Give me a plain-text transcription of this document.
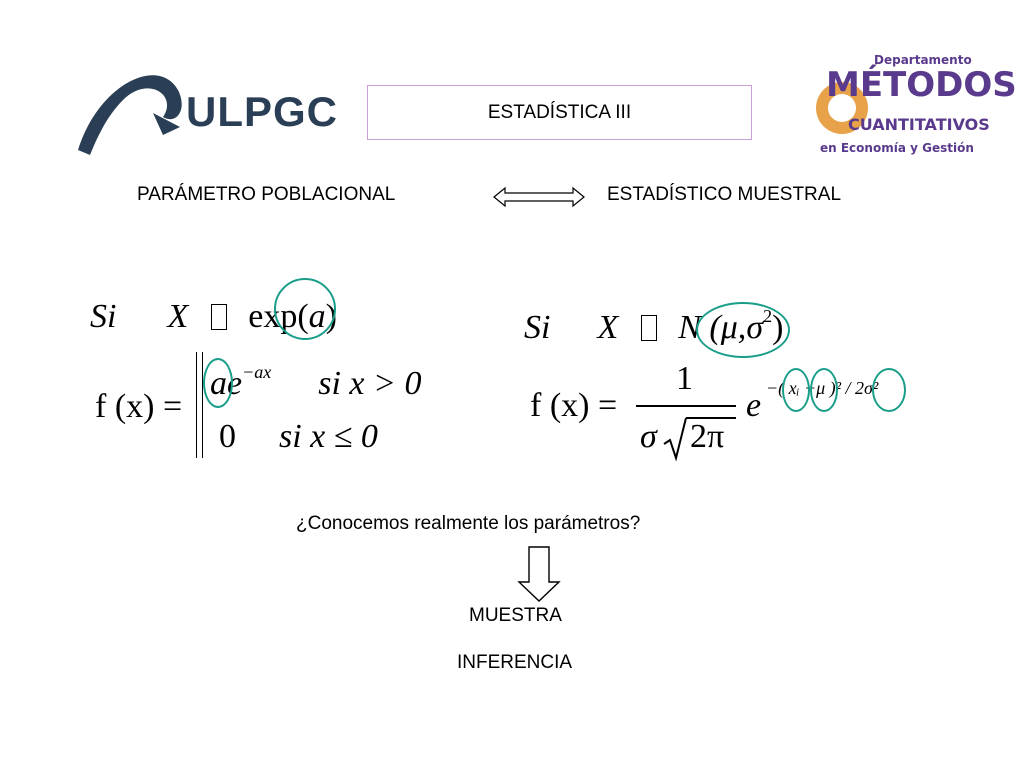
ULPGC	ESTADÍSTICA III
Departamento
MÉTODOS
CUANTITATIVOS
en Economía y Gestión
PARÁMETRO POBLACIONAL	ESTADÍSTICO MUESTRAL
Si X exp(a)
f (x) =
$ae^{-ax}$ si x > 0
0 si x ≤ 0
Si X N $(\mu,\sigma^2)$
f (x) =
1
σ 2π
e −( xᵢ −μ )² / 2σ²
¿Conocemos realmente los parámetros?
MUESTRA
INFERENCIA
